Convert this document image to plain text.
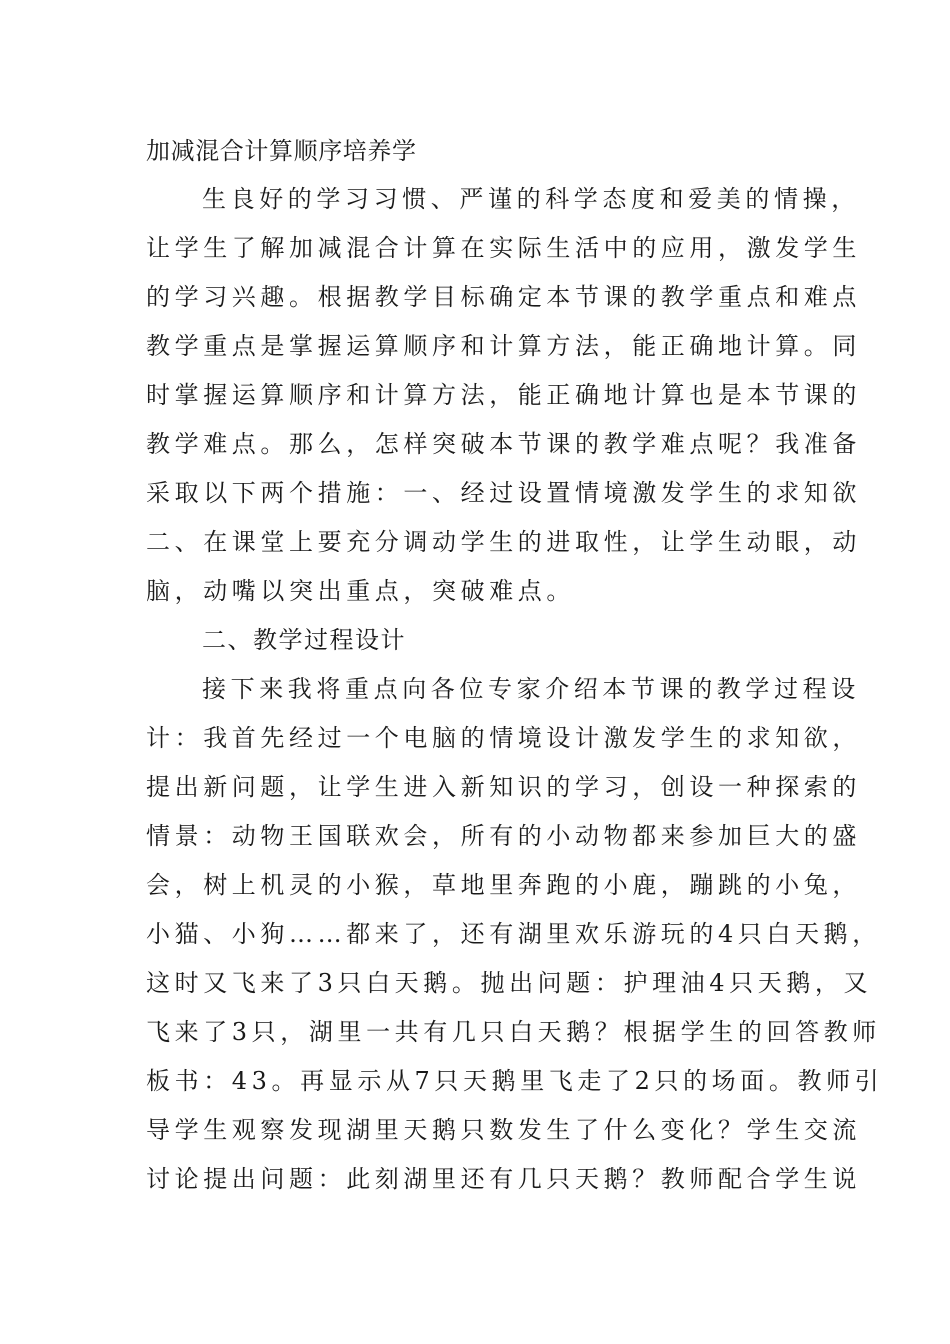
加减混合计算顺序培养学
生良好的学习习惯、严谨的科学态度和爱美的情操，
让学生了解加减混合计算在实际生活中的应用，激发学生
的学习兴趣。根据教学目标确定本节课的教学重点和难点
教学重点是掌握运算顺序和计算方法，能正确地计算。同
时掌握运算顺序和计算方法，能正确地计算也是本节课的
教学难点。那么，怎样突破本节课的教学难点呢？我准备
采取以下两个措施：一、经过设置情境激发学生的求知欲
二、在课堂上要充分调动学生的进取性，让学生动眼，动
脑，动嘴以突出重点，突破难点。
二、教学过程设计
接下来我将重点向各位专家介绍本节课的教学过程设
计：我首先经过一个电脑的情境设计激发学生的求知欲，
提出新问题，让学生进入新知识的学习，创设一种探索的
情景：动物王国联欢会，所有的小动物都来参加巨大的盛
会，树上机灵的小猴，草地里奔跑的小鹿，蹦跳的小兔，
小猫、小狗……都来了，还有湖里欢乐游玩的4只白天鹅，
这时又飞来了3只白天鹅。抛出问题：护理油4只天鹅，又
飞来了3只，湖里一共有几只白天鹅？根据学生的回答教师
板书：43。再显示从7只天鹅里飞走了2只的场面。教师引
导学生观察发现湖里天鹅只数发生了什么变化？学生交流
讨论提出问题：此刻湖里还有几只天鹅？教师配合学生说
